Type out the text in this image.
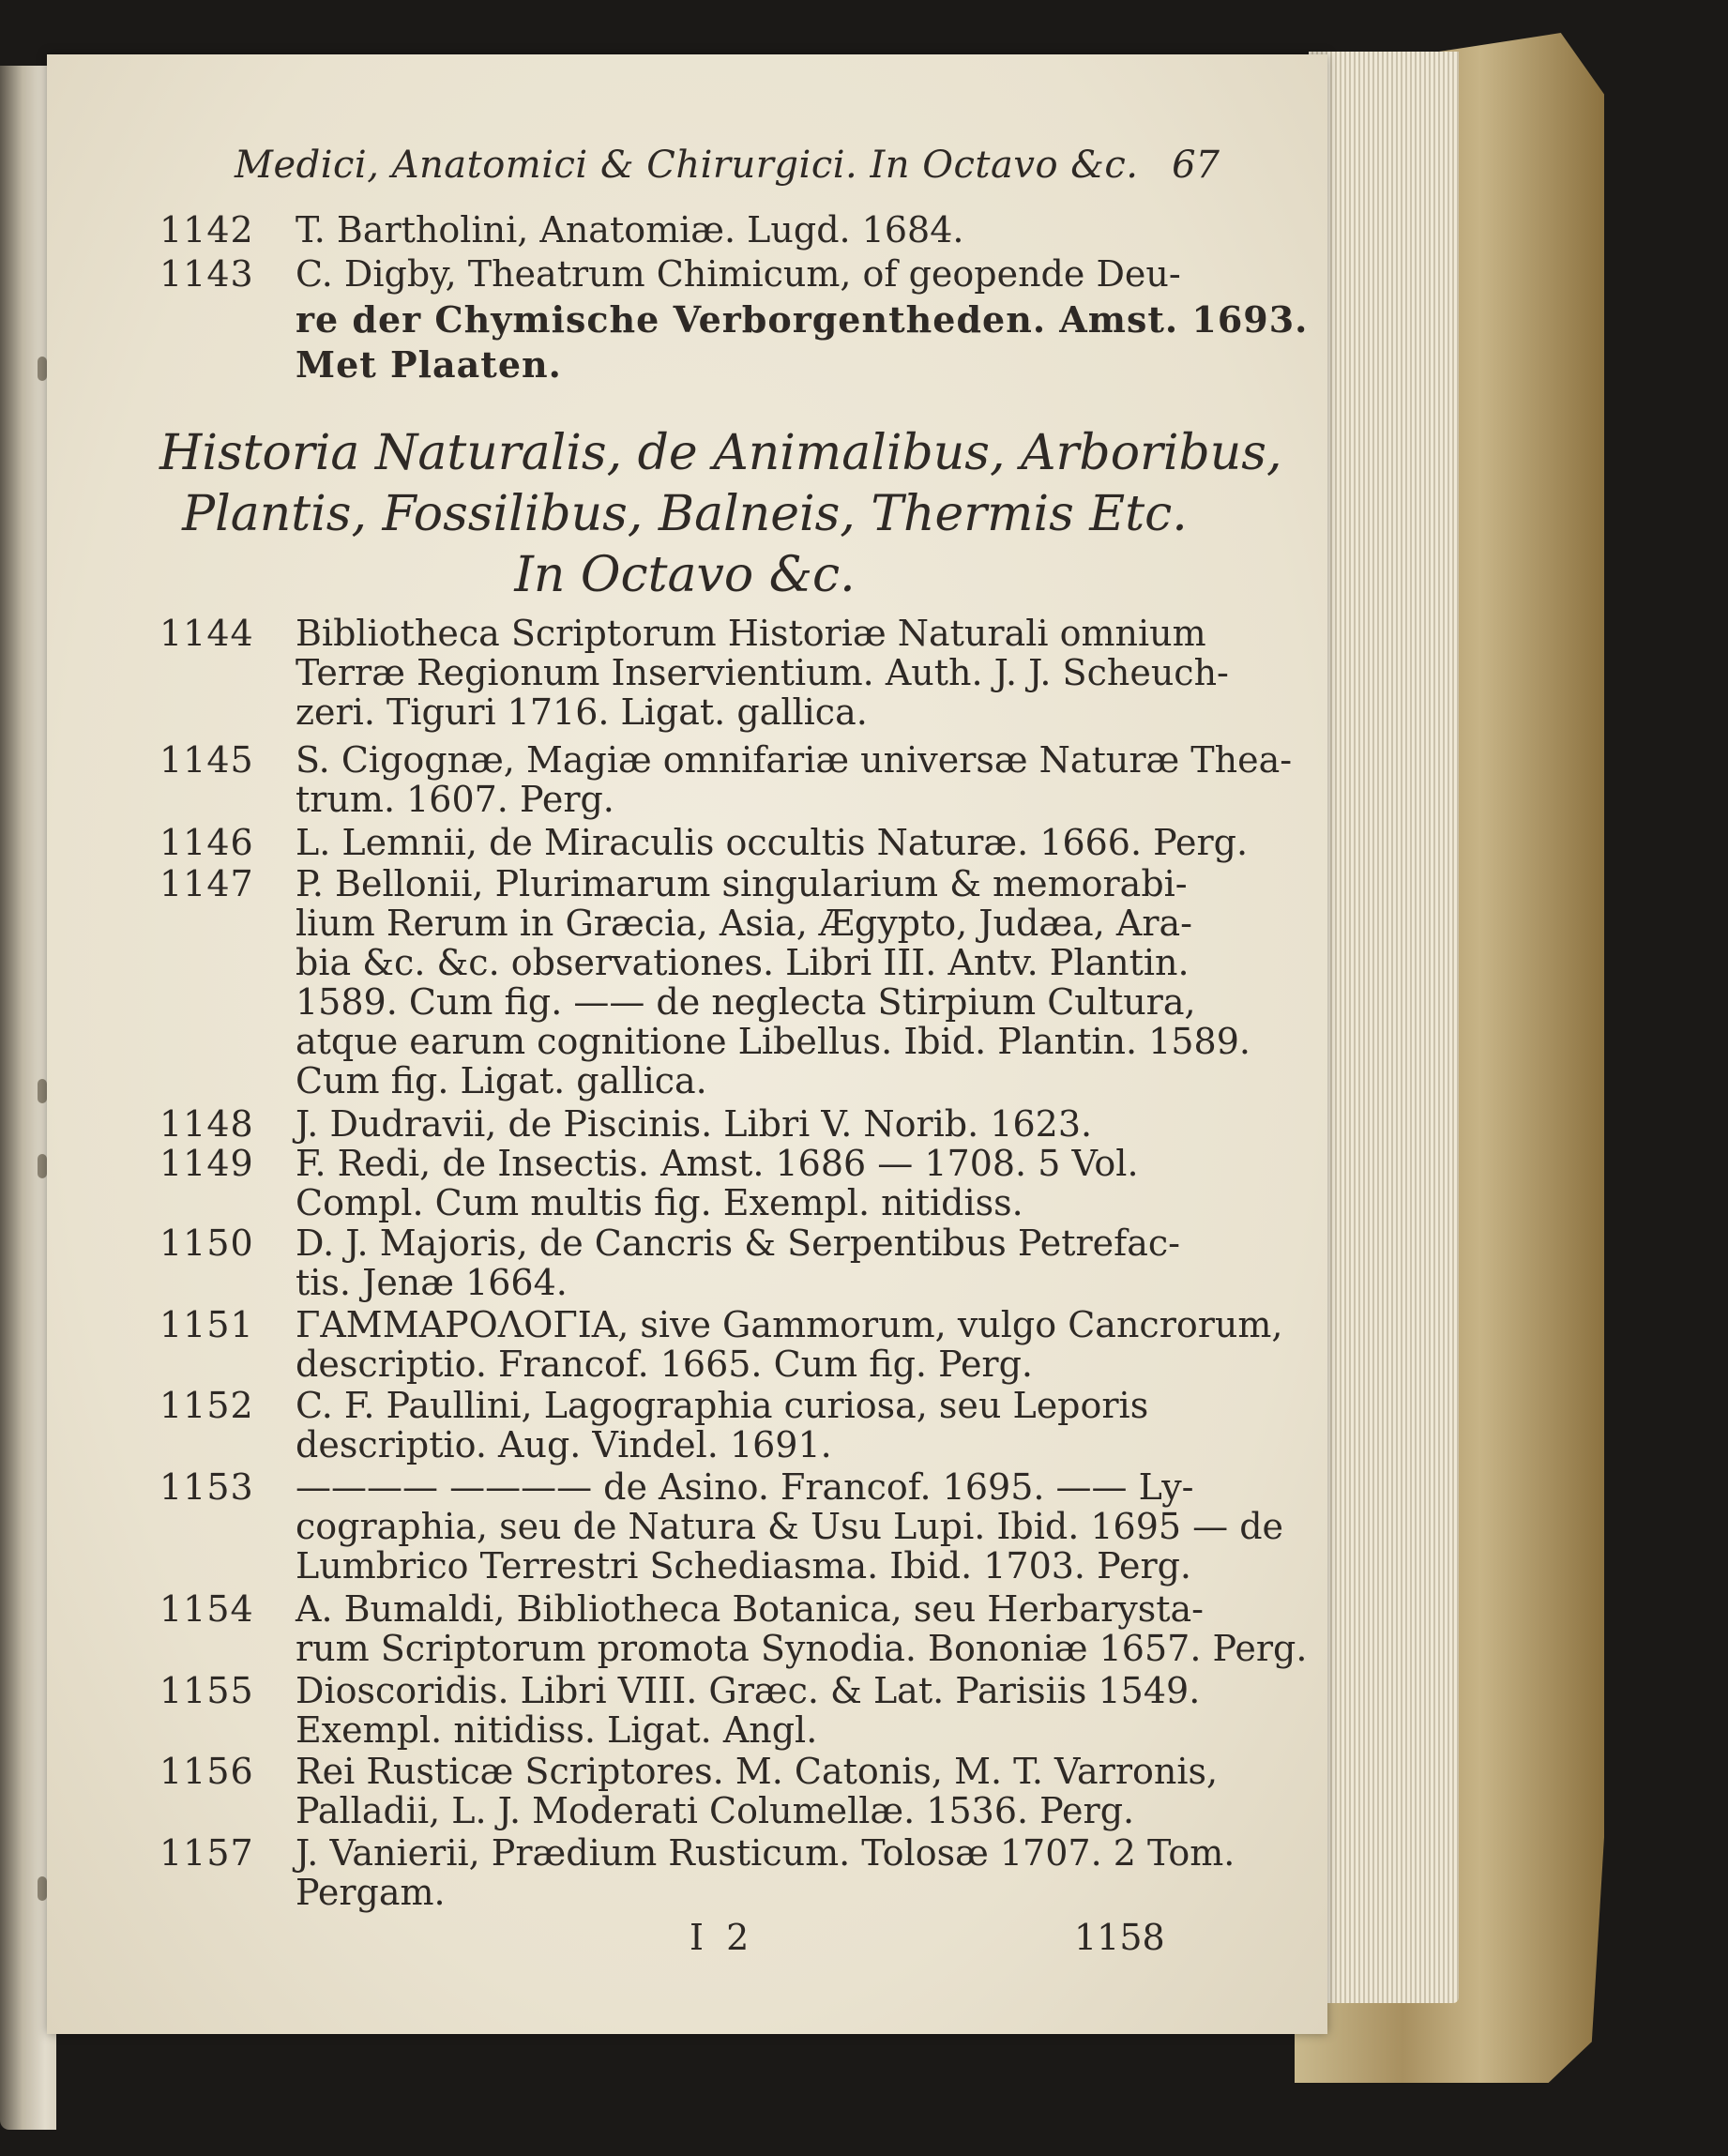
Medici, Anatomici & Chirurgici. In Octavo &c. 67
1142 T. Bartholini, Anatomiæ. Lugd. 1684.
1143 C. Digby, Theatrum Chimicum, of geopende Deu-
re der Chymische Verborgentheden. Amst. 1693.
Met Plaaten.
Historia Naturalis, de Animalibus, Arboribus,
Plantis, Fossilibus, Balneis, Thermis Etc.
In Octavo &c.
1144 Bibliotheca Scriptorum Historiæ Naturali omnium
Terræ Regionum Inservientium. Auth. J. J. Scheuch-
zeri. Tiguri 1716. Ligat. gallica.
1145 S. Cigognæ, Magiæ omnifariæ universæ Naturæ Thea-
trum. 1607. Perg.
1146 L. Lemnii, de Miraculis occultis Naturæ. 1666. Perg.
1147 P. Bellonii, Plurimarum singularium & memorabi-
lium Rerum in Græcia, Asia, Ægypto, Judæa, Ara-
bia &c. &c. observationes. Libri III. Antv. Plantin.
1589. Cum fig. —— de neglecta Stirpium Cultura,
atque earum cognitione Libellus. Ibid. Plantin. 1589.
Cum fig. Ligat. gallica.
1148 J. Dudravii, de Piscinis. Libri V. Norib. 1623.
1149 F. Redi, de Insectis. Amst. 1686 — 1708. 5 Vol.
Compl. Cum multis fig. Exempl. nitidiss.
1150 D. J. Majoris, de Cancris & Serpentibus Petrefac-
tis. Jenæ 1664.
1151 ΓΑΜΜΑΡΟΛΟΓΙΑ, sive Gammorum, vulgo Cancrorum,
descriptio. Francof. 1665. Cum fig. Perg.
1152 C. F. Paullini, Lagographia curiosa, seu Leporis
descriptio. Aug. Vindel. 1691.
1153 ———— ———— de Asino. Francof. 1695. —— Ly-
cographia, seu de Natura & Usu Lupi. Ibid. 1695 — de
Lumbrico Terrestri Schediasma. Ibid. 1703. Perg.
1154 A. Bumaldi, Bibliotheca Botanica, seu Herbarysta-
rum Scriptorum promota Synodia. Bononiæ 1657. Perg.
1155 Dioscoridis. Libri VIII. Græc. & Lat. Parisiis 1549.
Exempl. nitidiss. Ligat. Angl.
1156 Rei Rusticæ Scriptores. M. Catonis, M. T. Varronis,
Palladii, L. J. Moderati Columellæ. 1536. Perg.
1157 J. Vanierii, Prædium Rusticum. Tolosæ 1707. 2 Tom.
Pergam.
I 2	1158
